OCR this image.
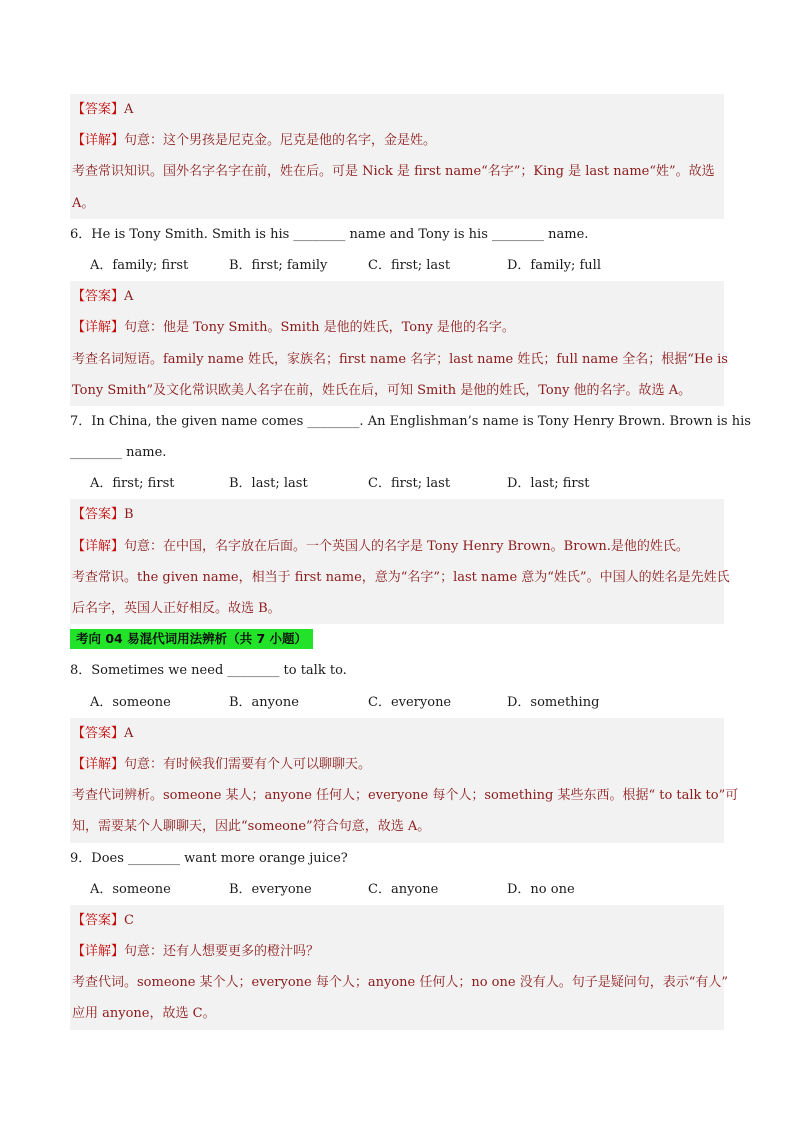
【答案】A
【详解】句意：这个男孩是尼克金。尼克是他的名字，金是姓。
考查常识知识。国外名字名字在前，姓在后。可是 Nick 是 first name“名字”；King 是 last name“姓”。故选
A。
6．He is Tony Smith. Smith is his ________ name and Tony is his ________ name.
A．family; first	B．first; family	C．first; last	D．family; full
【答案】A
【详解】句意：他是 Tony Smith。Smith 是他的姓氏，Tony 是他的名字。
考查名词短语。family name 姓氏，家族名；first name 名字；last name 姓氏；full name 全名；根据“He is
Tony Smith”及文化常识欧美人名字在前，姓氏在后，可知 Smith 是他的姓氏，Tony 他的名字。故选 A。
7．In China, the given name comes ________. An Englishman’s name is Tony Henry Brown. Brown is his
________ name.
A．first; first	B．last; last	C．first; last	D．last; first
【答案】B
【详解】句意：在中国，名字放在后面。一个英国人的名字是 Tony Henry Brown。Brown.是他的姓氏。
考查常识。the given name，相当于 first name，意为“名字”；last name 意为“姓氏”。中国人的姓名是先姓氏
后名字，英国人正好相反。故选 B。
考向 04 易混代词用法辨析（共 7 小题）
8．Sometimes we need ________ to talk to.
A．someone	B．anyone	C．everyone	D．something
【答案】A
【详解】句意：有时候我们需要有个人可以聊聊天。
考查代词辨析。someone 某人；anyone 任何人；everyone 每个人；something 某些东西。根据“ to talk to”可
知，需要某个人聊聊天，因此“someone”符合句意，故选 A。
9．Does ________ want more orange juice?
A．someone	B．everyone	C．anyone	D．no one
【答案】C
【详解】句意：还有人想要更多的橙汁吗？
考查代词。someone 某个人；everyone 每个人；anyone 任何人；no one 没有人。句子是疑问句，表示“有人”
应用 anyone，故选 C。
